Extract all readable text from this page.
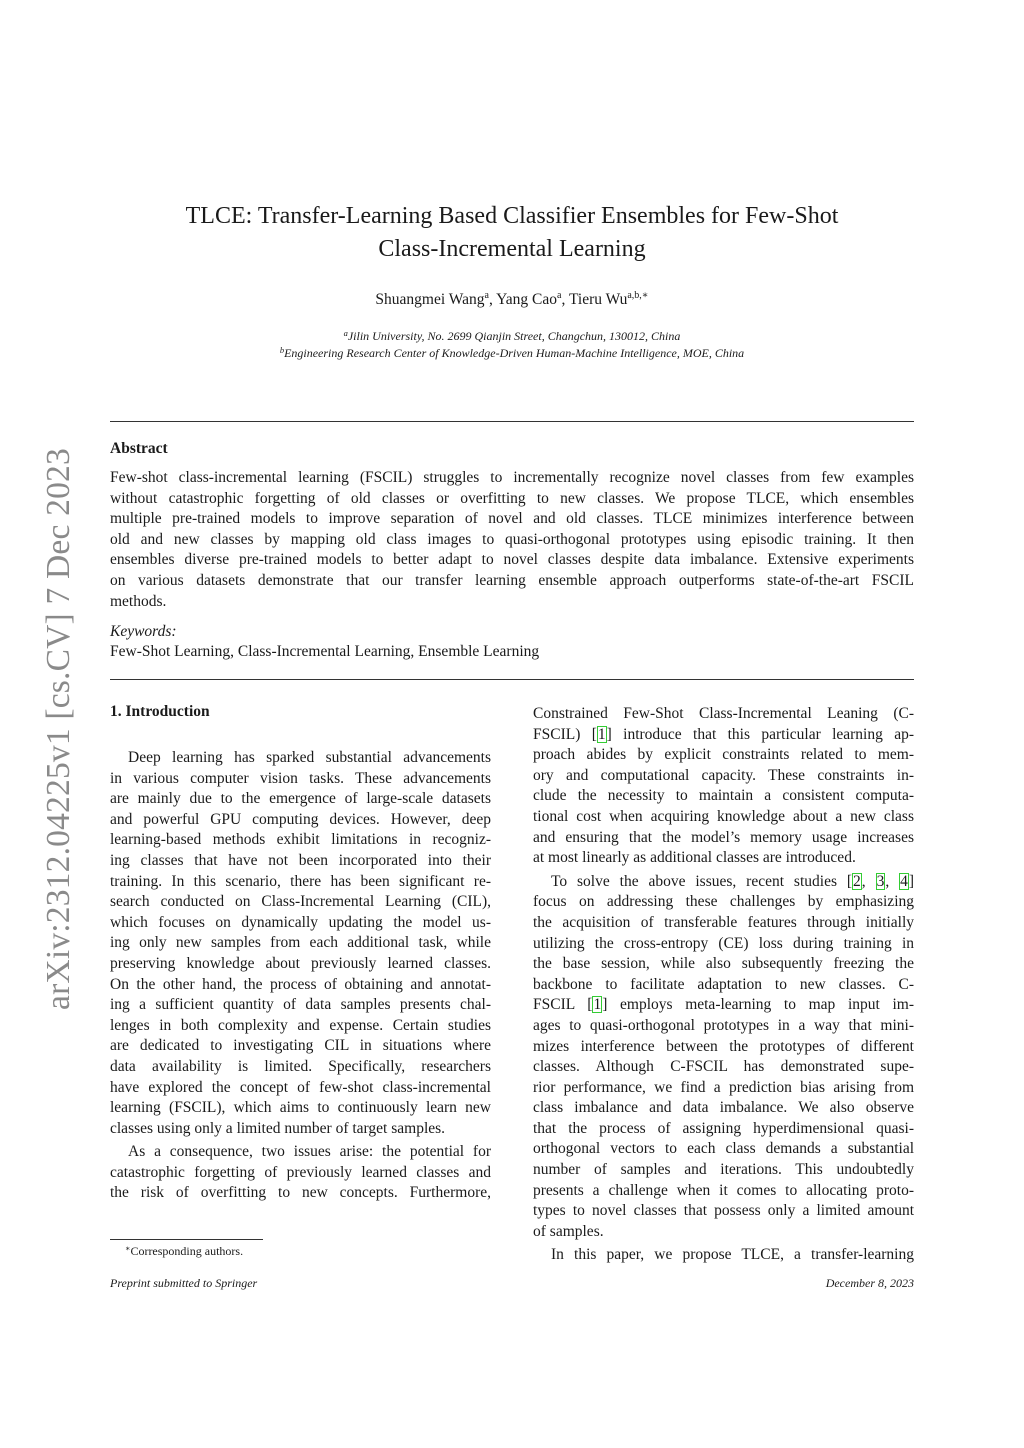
arXiv:2312.04225v1 [cs.CV] 7 Dec 2023
TLCE: Transfer-Learning Based Classifier Ensembles for Few-Shot
Class-Incremental Learning
Shuangmei Wang$^a$, Yang Cao$^a$, Tieru $Wu^{a,b,∗}$
$^a$Jilin University, No. 2699 Qianjin Street, Changchun, 130012, China
$^b$Engineering Research Center of Knowledge-Driven Human-Machine Intelligence, MOE, China
Abstract
Few-shot class-incremental learning (FSCIL) struggles to incrementally recognize novel classes from few examples
without catastrophic forgetting of old classes or overfitting to new classes. We propose TLCE, which ensembles
multiple pre-trained models to improve separation of novel and old classes. TLCE minimizes interference between
old and new classes by mapping old class images to quasi-orthogonal prototypes using episodic training. It then
ensembles diverse pre-trained models to better adapt to novel classes despite data imbalance. Extensive experiments
on various datasets demonstrate that our transfer learning ensemble approach outperforms state-of-the-art FSCIL
methods.
Keywords:
Few-Shot Learning, Class-Incremental Learning, Ensemble Learning
1. Introduction
Deep learning has sparked substantial advancements
in various computer vision tasks. These advancements
are mainly due to the emergence of large-scale datasets
and powerful GPU computing devices. However, deep
learning-based methods exhibit limitations in recogniz-
ing classes that have not been incorporated into their
training. In this scenario, there has been significant re-
search conducted on Class-Incremental Learning (CIL),
which focuses on dynamically updating the model us-
ing only new samples from each additional task, while
preserving knowledge about previously learned classes.
On the other hand, the process of obtaining and annotat-
ing a sufficient quantity of data samples presents chal-
lenges in both complexity and expense. Certain studies
are dedicated to investigating CIL in situations where
data availability is limited. Specifically, researchers
have explored the concept of few-shot class-incremental
learning (FSCIL), which aims to continuously learn new
classes using only a limited number of target samples.
As a consequence, two issues arise: the potential for
catastrophic forgetting of previously learned classes and
the risk of overfitting to new concepts. Furthermore,
Constrained Few-Shot Class-Incremental Leaning (C-
FSCIL) [1] introduce that this particular learning ap-
proach abides by explicit constraints related to mem-
ory and computational capacity. These constraints in-
clude the necessity to maintain a consistent computa-
tional cost when acquiring knowledge about a new class
and ensuring that the model’s memory usage increases
at most linearly as additional classes are introduced.
To solve the above issues, recent studies [2, 3, 4]
focus on addressing these challenges by emphasizing
the acquisition of transferable features through initially
utilizing the cross-entropy (CE) loss during training in
the base session, while also subsequently freezing the
backbone to facilitate adaptation to new classes. C-
FSCIL [1] employs meta-learning to map input im-
ages to quasi-orthogonal prototypes in a way that mini-
mizes interference between the prototypes of different
classes. Although C-FSCIL has demonstrated supe-
rior performance, we find a prediction bias arising from
class imbalance and data imbalance. We also observe
that the process of assigning hyperdimensional quasi-
orthogonal vectors to each class demands a substantial
number of samples and iterations. This undoubtedly
presents a challenge when it comes to allocating proto-
types to novel classes that possess only a limited amount
of samples.
In this paper, we propose TLCE, a transfer-learning
∗Corresponding authors.
Preprint submitted to Springer	December 8, 2023
